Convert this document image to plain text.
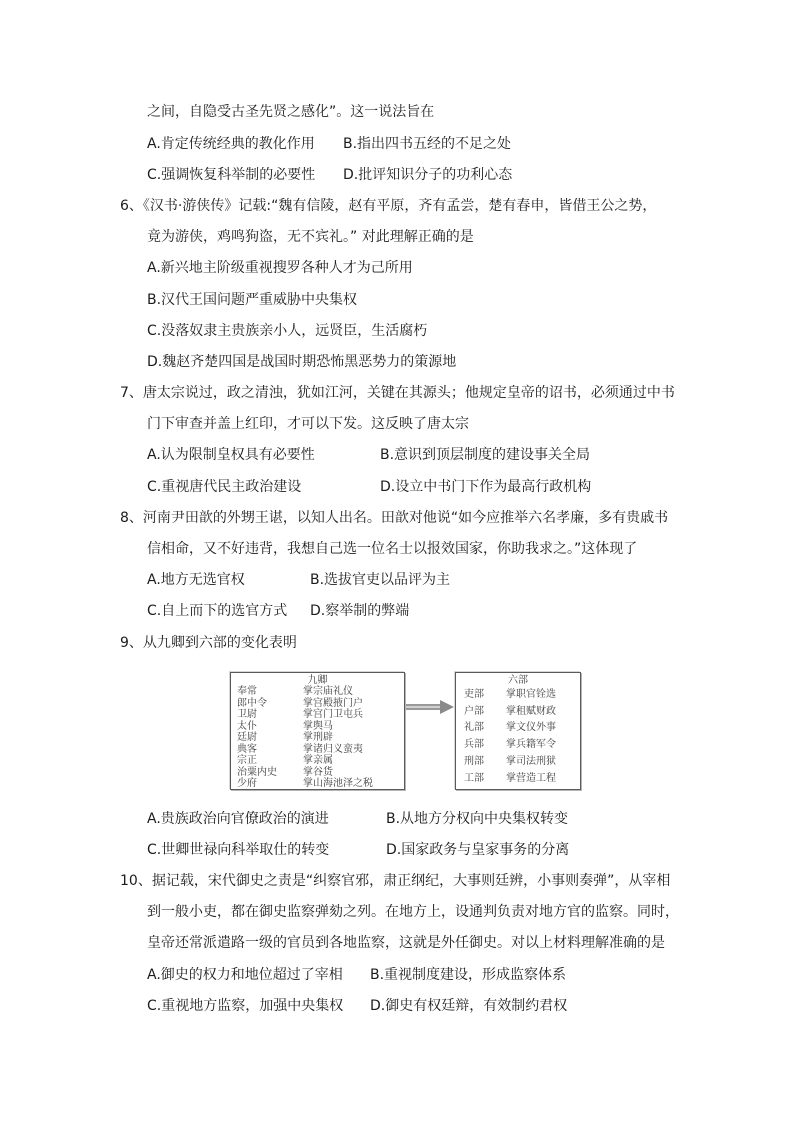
之间，自隐受古圣先贤之感化”。这一说法旨在
A.肯定传统经典的教化作用	B.指出四书五经的不足之处
C.强调恢复科举制的必要性	D.批评知识分子的功利心态
6、《汉书·游侠传》记载:“魏有信陵，赵有平原，齐有孟尝，楚有春申，皆借王公之势，
竟为游侠，鸡鸣狗盗，无不宾礼。” 对此理解正确的是
A.新兴地主阶级重视搜罗各种人才为己所用
B.汉代王国问题严重威胁中央集权
C.没落奴隶主贵族亲小人，远贤臣，生活腐朽
D.魏赵齐楚四国是战国时期恐怖黑恶势力的策源地
7、唐太宗说过，政之清浊，犹如江河，关键在其源头；他规定皇帝的诏书，必须通过中书
门下审查并盖上红印，才可以下发。这反映了唐太宗
A.认为限制皇权具有必要性	B.意识到顶层制度的建设事关全局
C.重视唐代民主政治建设	D.设立中书门下作为最高行政机构
8、河南尹田歆的外甥王谌，以知人出名。田歆对他说“如今应推举六名孝廉，多有贵戚书
信相命，又不好违背，我想自己选一位名士以报效国家，你助我求之。”这体现了
A.地方无选官权	B.选拔官吏以品评为主
C.自上而下的选官方式	D.察举制的弊端
9、从九卿到六部的变化表明
九卿
奉常	掌宗庙礼仪
郎中令	掌宫殿掖门户
卫尉	掌宫门卫屯兵
太仆	掌舆马
廷尉	掌刑辟
典客	掌诸归义蛮夷
宗正	掌亲属
治粟内史	掌谷货
少府	掌山海池泽之税
六部
吏部 掌职官铨选
户部 掌租赋财政
礼部 掌文仪外事
兵部 掌兵籍军令
刑部 掌司法刑狱
工部 掌营造工程
A.贵族政治向官僚政治的演进	B.从地方分权向中央集权转变
C.世卿世禄向科举取仕的转变	D.国家政务与皇家事务的分离
10、据记载，宋代御史之责是“纠察官邪，肃正纲纪，大事则廷辨，小事则奏弹”，从宰相
到一般小吏，都在御史监察弹劾之列。在地方上，设通判负责对地方官的监察。同时，
皇帝还常派遣路一级的官员到各地监察，这就是外任御史。对以上材料理解准确的是
A.御史的权力和地位超过了宰相	B.重视制度建设，形成监察体系
C.重视地方监察，加强中央集权	D.御史有权廷辩，有效制约君权
